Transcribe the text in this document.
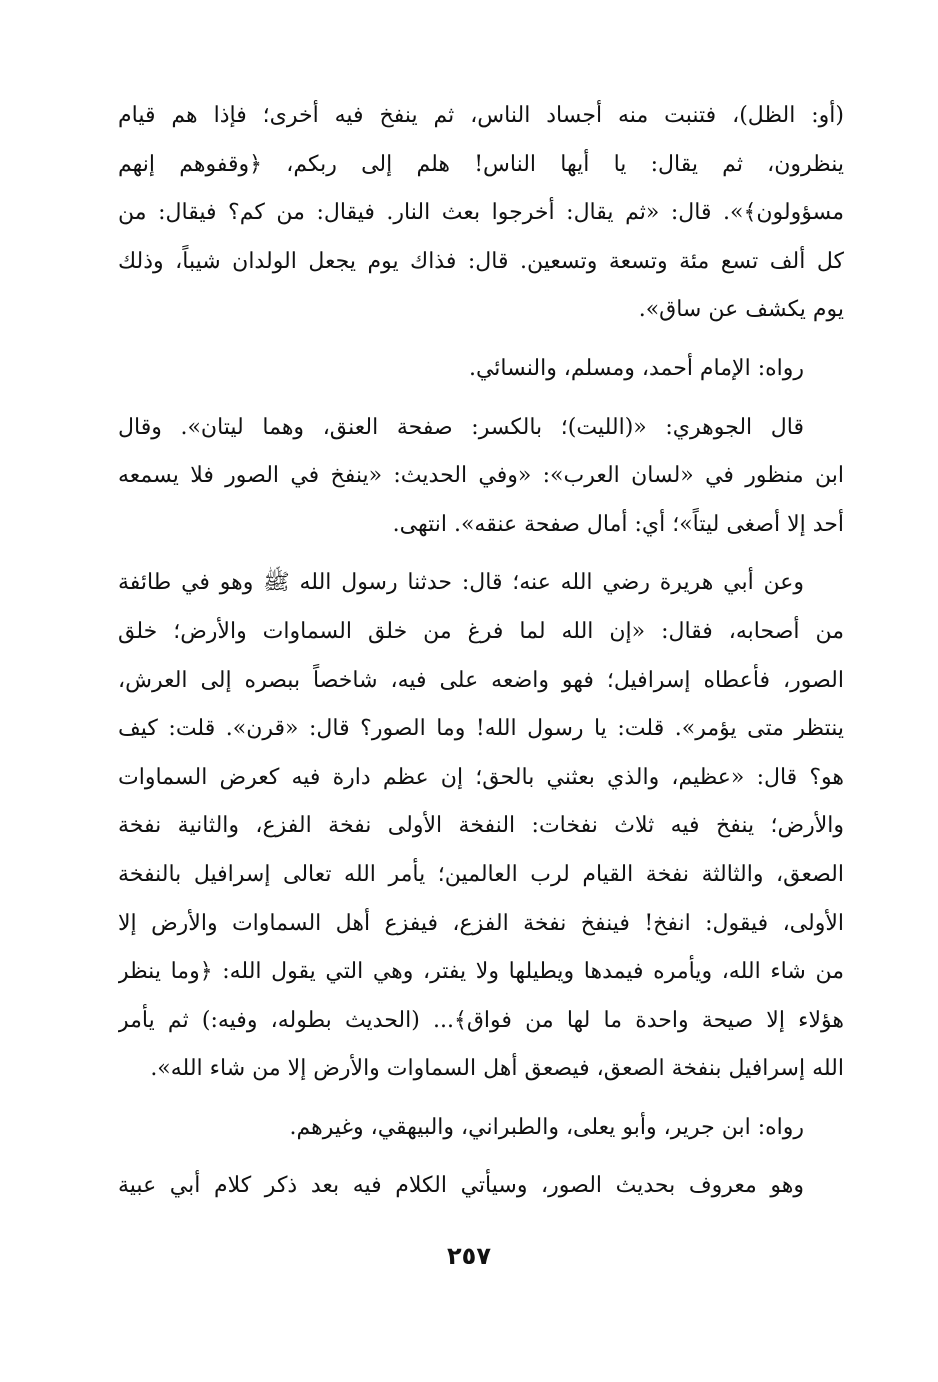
(أو: الظل)، فتنبت منه أجساد الناس، ثم ينفخ فيه أخرى؛ فإذا هم قيام
ينظرون، ثم يقال: يا أيها الناس! هلم إلى ربكم، ﴿وقفوهم إنهم
مسؤولون﴾». قال: «ثم يقال: أخرجوا بعث النار. فيقال: من كم؟ فيقال: من
كل ألف تسع مئة وتسعة وتسعين. قال: فذاك يوم يجعل الولدان شيباً، وذلك
يوم يكشف عن ساق».
رواه: الإمام أحمد، ومسلم، والنسائي.
قال الجوهري: «(الليت)؛ بالكسر: صفحة العنق، وهما ليتان». وقال
ابن منظور في «لسان العرب»: «وفي الحديث: «ينفخ في الصور فلا يسمعه
أحد إلا أصغى ليتاً»؛ أي: أمال صفحة عنقه». انتهى.
وعن أبي هريرة رضي الله عنه؛ قال: حدثنا رسول الله ﷺ وهو في طائفة
من أصحابه، فقال: «إن الله لما فرغ من خلق السماوات والأرض؛ خلق
الصور، فأعطاه إسرافيل؛ فهو واضعه على فيه، شاخصاً ببصره إلى العرش،
ينتظر متى يؤمر». قلت: يا رسول الله! وما الصور؟ قال: «قرن». قلت: كيف
هو؟ قال: «عظيم، والذي بعثني بالحق؛ إن عظم دارة فيه كعرض السماوات
والأرض؛ ينفخ فيه ثلاث نفخات: النفخة الأولى نفخة الفزع، والثانية نفخة
الصعق، والثالثة نفخة القيام لرب العالمين؛ يأمر الله تعالى إسرافيل بالنفخة
الأولى، فيقول: انفخ! فينفخ نفخة الفزع، فيفزع أهل السماوات والأرض إلا
من شاء الله، ويأمره فيمدها ويطيلها ولا يفتر، وهي التي يقول الله: ﴿وما ينظر
هؤلاء إلا صيحة واحدة ما لها من فواق﴾... (الحديث بطوله، وفيه:) ثم يأمر
الله إسرافيل بنفخة الصعق، فيصعق أهل السماوات والأرض إلا من شاء الله».
رواه: ابن جرير، وأبو يعلى، والطبراني، والبيهقي، وغيرهم.
وهو معروف بحديث الصور، وسيأتي الكلام فيه بعد ذكر كلام أبي عبية
٢٥٧
